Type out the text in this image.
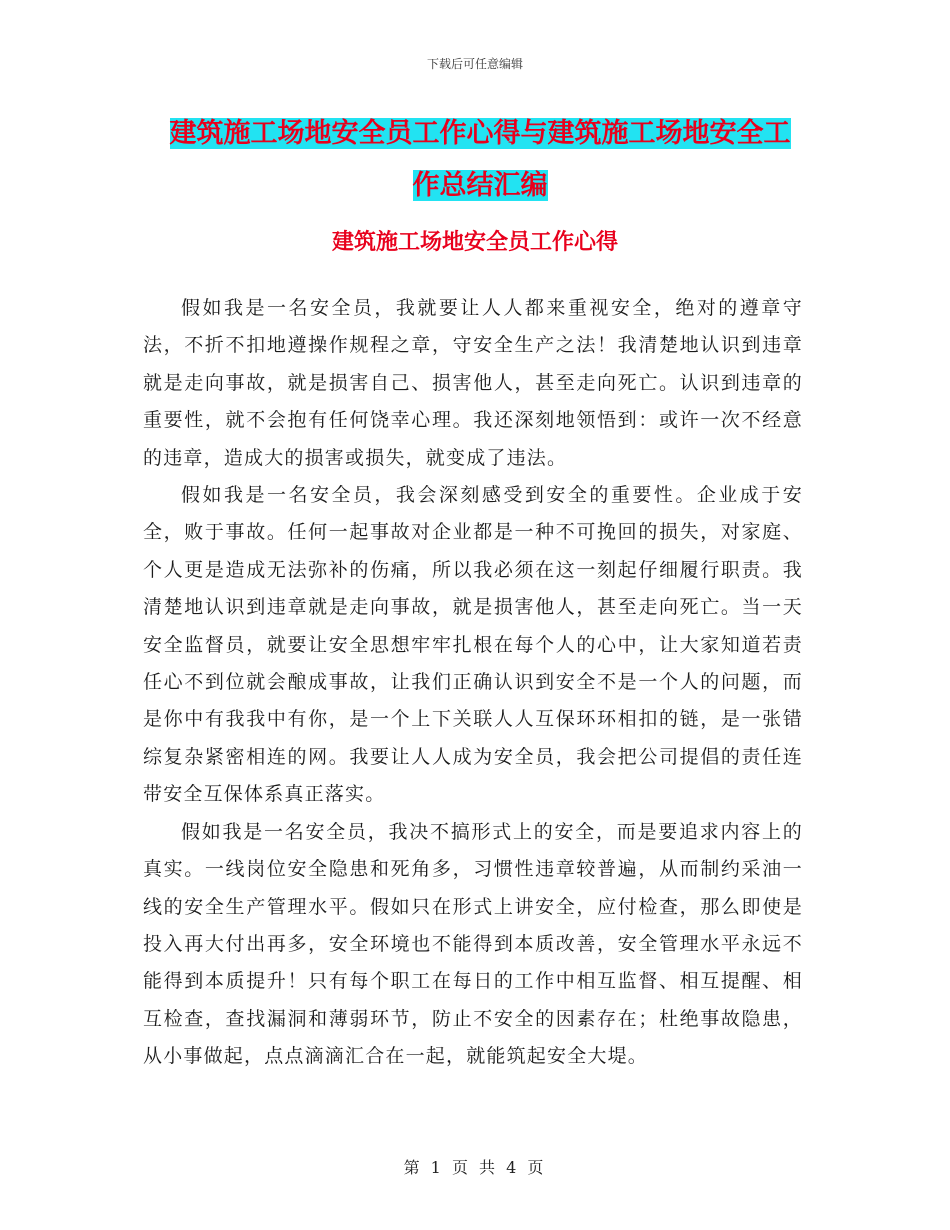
下载后可任意编辑
建筑施工场地安全员工作心得与建筑施工场地安全工
作总结汇编
建筑施工场地安全员工作心得

假如我是一名安全员，我就要让人人都来重视安全，绝对的遵章守法，不折不扣地遵操作规程之章，守安全生产之法！我清楚地认识到违章就是走向事故，就是损害自己、损害他人，甚至走向死亡。认识到违章的重要性，就不会抱有任何饶幸心理。我还深刻地领悟到：或许一次不经意的违章，造成大的损害或损失，就变成了违法。

假如我是一名安全员，我会深刻感受到安全的重要性。企业成于安全，败于事故。任何一起事故对企业都是一种不可挽回的损失，对家庭、个人更是造成无法弥补的伤痛，所以我必须在这一刻起仔细履行职责。我清楚地认识到违章就是走向事故，就是损害他人，甚至走向死亡。当一天安全监督员，就要让安全思想牢牢扎根在每个人的心中，让大家知道若责任心不到位就会酿成事故，让我们正确认识到安全不是一个人的问题，而是你中有我我中有你，是一个上下关联人人互保环环相扣的链，是一张错综复杂紧密相连的网。我要让人人成为安全员，我会把公司提倡的责任连带安全互保体系真正落实。

假如我是一名安全员，我决不搞形式上的安全，而是要追求内容上的真实。一线岗位安全隐患和死角多，习惯性违章较普遍，从而制约采油一线的安全生产管理水平。假如只在形式上讲安全，应付检查，那么即使是投入再大付出再多，安全环境也不能得到本质改善，安全管理水平永远不能得到本质提升！只有每个职工在每日的工作中相互监督、相互提醒、相互检查，查找漏洞和薄弱环节，防止不安全的因素存在；杜绝事故隐患，从小事做起，点点滴滴汇合在一起，就能筑起安全大堤。

第 1 页 共 4 页
